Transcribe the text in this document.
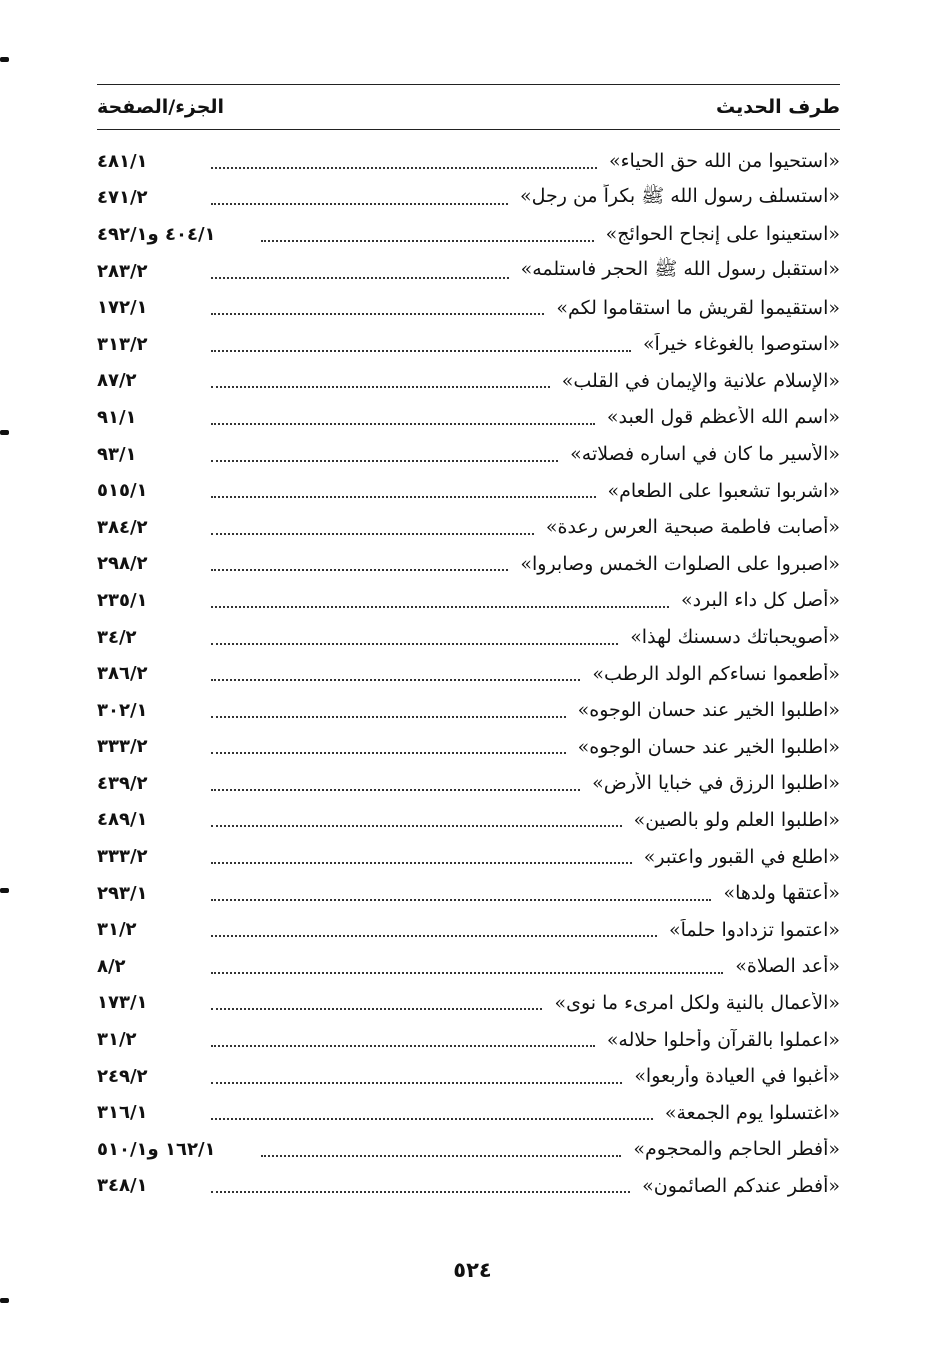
طرف الحديث
الجزء/الصفحة
«استحيوا من الله حق الحياء»
٤٨١/١
«استسلف رسول الله ﷺ بكراً من رجل»
٤٧١/٢
«استعينوا على إنجاح الحوائج»
٤٠٤/١ و٤٩٢/١
«استقبل رسول الله ﷺ الحجر فاستلمه»
٢٨٣/٢
«استقيموا لقريش ما استقاموا لكم»
١٧٢/١
«استوصوا بالغوغاء خيراً»
٣١٣/٢
«الإسلام علانية والإيمان في القلب»
٨٧/٢
«اسم الله الأعظم قول العبد»
٩١/١
«الأسير ما كان في اساره فصلاته»
٩٣/١
«اشربوا تشعبوا على الطعام»
٥١٥/١
«أصابت فاطمة صبحية العرس رعدة»
٣٨٤/٢
«اصبروا على الصلوات الخمس وصابروا»
٢٩٨/٢
«أصل كل داء البرد»
٢٣٥/١
«أصويحباتك دسسنك لهذا»
٣٤/٢
«أطعموا نساءكم الولد الرطب»
٣٨٦/٢
«اطلبوا الخير عند حسان الوجوه»
٣٠٢/١
«اطلبوا الخير عند حسان الوجوه»
٣٣٣/٢
«اطلبوا الرزق في خبايا الأرض»
٤٣٩/٢
«اطلبوا العلم ولو بالصين»
٤٨٩/١
«اطلع في القبور واعتبر»
٣٣٣/٢
«أعتقها ولدها»
٢٩٣/١
«اعتموا تزدادوا حلماً»
٣١/٢
«أعد الصلاة»
٨/٢
«الأعمال بالنية ولكل امرىء ما نوى»
١٧٣/١
«اعملوا بالقرآن وأحلوا حلاله»
٣١/٢
«أغبوا في العيادة وأربعوا»
٢٤٩/٢
«اغتسلوا يوم الجمعة»
٣١٦/١
«أفطر الحاجم والمحجوم»
١٦٢/١ و٥١٠/١
«أفطر عندكم الصائمون»
٣٤٨/١
٥٢٤
